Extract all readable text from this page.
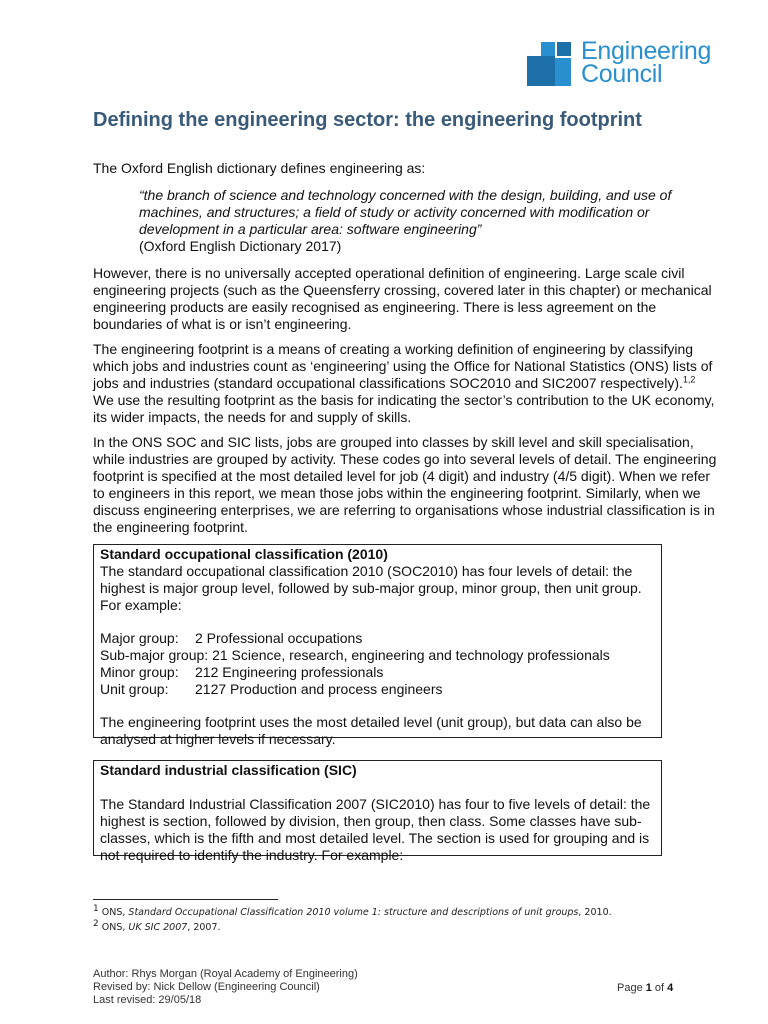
Engineering
Council
Defining the engineering sector: the engineering footprint

The Oxford English dictionary defines engineering as:

“the branch of science and technology concerned with the design, building, and use of machines, and structures; a field of study or activity concerned with modification or development in a particular area: software engineering”
(Oxford English Dictionary 2017)

However, there is no universally accepted operational definition of engineering. Large scale civil engineering projects (such as the Queensferry crossing, covered later in this chapter) or mechanical engineering products are easily recognised as engineering. There is less agreement on the boundaries of what is or isn’t engineering.

The engineering footprint is a means of creating a working definition of engineering by classifying which jobs and industries count as ‘engineering’ using the Office for National Statistics (ONS) lists of jobs and industries (standard occupational classifications SOC2010 and SIC2007 respectively).$^{1,2}$ We use the resulting footprint as the basis for indicating the sector’s contribution to the UK economy, its wider impacts, the needs for and supply of skills.

In the ONS SOC and SIC lists, jobs are grouped into classes by skill level and skill specialisation, while industries are grouped by activity. These codes go into several levels of detail. The engineering footprint is specified at the most detailed level for job (4 digit) and industry (4/5 digit). When we refer to engineers in this report, we mean those jobs within the engineering footprint. Similarly, when we discuss engineering enterprises, we are referring to organisations whose industrial classification is in the engineering footprint.

Standard occupational classification (2010)

The standard occupational classification 2010 (SOC2010) has four levels of detail: the highest is major group level, followed by sub-major group, minor group, then unit group. For example:

Major group: 2 Professional occupations
Sub-major group: 21 Science, research, engineering and technology professionals
Minor group: 212 Engineering professionals
Unit group: 2127 Production and process engineers

The engineering footprint uses the most detailed level (unit group), but data can also be analysed at higher levels if necessary.

Standard industrial classification (SIC)

The Standard Industrial Classification 2007 (SIC2010) has four to five levels of detail: the highest is section, followed by division, then group, then class. Some classes have sub-classes, which is the fifth and most detailed level. The section is used for grouping and is not required to identify the industry. For example:

$^1$ ONS, Standard Occupational Classification 2010 volume 1: structure and descriptions of unit groups, 2010.
$^2$ ONS, UK SIC 2007, 2007.
Author: Rhys Morgan (Royal Academy of Engineering)
Revised by: Nick Dellow (Engineering Council)
Last revised: 29/05/18
Page 1 of 4
